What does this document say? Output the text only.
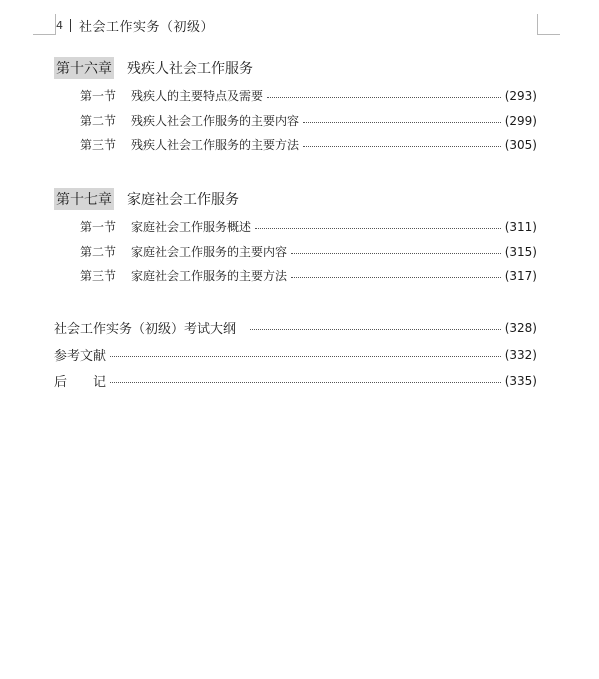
4 社会工作实务（初级）
第十六章 残疾人社会工作服务
第一节	残疾人的主要特点及需要	(293)
第二节	残疾人社会工作服务的主要内容	(299)
第三节	残疾人社会工作服务的主要方法	(305)
第十七章 家庭社会工作服务
第一节	家庭社会工作服务概述	(311)
第二节	家庭社会工作服务的主要内容	(315)
第三节	家庭社会工作服务的主要方法	(317)
社会工作实务（初级）考试大纲	(328)
参考文献	(332)
后　　记	(335)
